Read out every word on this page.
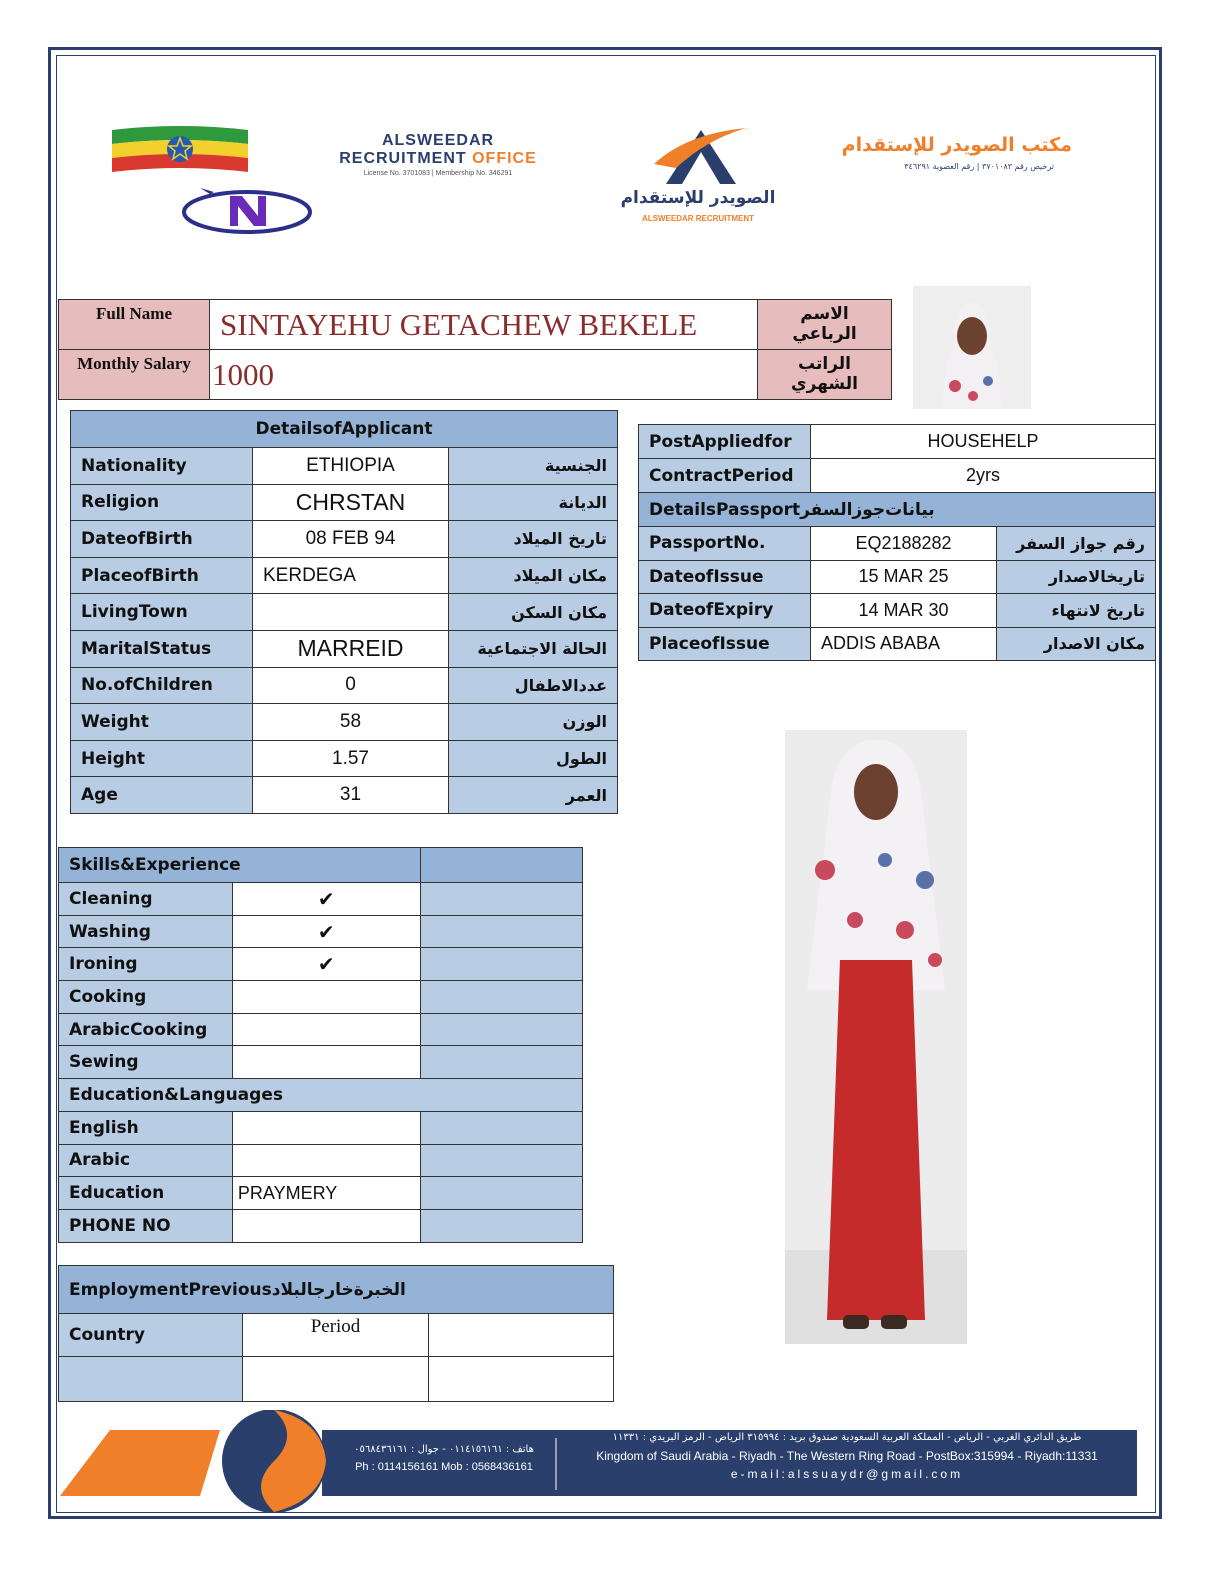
ALSWEEDAR
RECRUITMENT OFFICE
License No. 3701083 | Membership No. 346291
الصويدر للإستقدام
ALSWEEDAR RECRUITMENT
مكتب الصويدر للإستقدام
ترخيص رقم ٣٧٠١٠٨٣ | رقم العضوية ٣٤٦٢٩١
Full Name	SINTAYEHU GETACHEW BEKELE	الاسم الرباعي
Monthly Salary	1000	الراتب الشهري
DetailsofApplicant		
Nationality	ETHIOPIA	الجنسية
Religion	CHRSTAN	الديانة
DateofBirth	08 FEB 94	تاريخ الميلاد
PlaceofBirth	KERDEGA	مكان الميلاد
LivingTown		مكان السكن
MaritalStatus	MARREID	الحالة الاجتماعية
No.ofChildren	0	عددالاطفال
Weight	58	الوزن
Height	1.57	الطول
Age	31	العمر
PostAppliedfor	HOUSEHELP	
ContractPeriod	2yrs	
DetailsPassportبيانات‌جوزالسفر		
PassportNo.	EQ2188282	رقم جواز السفر
DateofIssue	15 MAR 25	تاريخالاصدار
DateofExpiry	14 MAR 30	تاريخ لانتهاء
PlaceofIssue	ADDIS ABABA	مكان الاصدار
Skills&Experience		
Cleaning	✔	
Washing	✔	
Ironing	✔	
Cooking		
ArabicCooking		
Sewing		
Education&Languages		
English		
Arabic		
Education	PRAYMERY	
PHONE NO		
EmploymentPreviousالخبرةخارجالبلاد		
Country	Period	

هاتف : ٠١١٤١٥٦١٦١ - جوال : ٠٥٦٨٤٣٦١٦١
Ph : 0114156161 Mob : 0568436161
طريق الدائري الغربي - الرياض - المملكة العربية السعودية صندوق بريد : ٣١٥٩٩٤ الرياض - الرمز البريدي : ١١٣٣١
Kingdom of Saudi Arabia - Riyadh - The Western Ring Road - PostBox:315994 - Riyadh:11331
e-mail:alssuaydr@gmail.com
